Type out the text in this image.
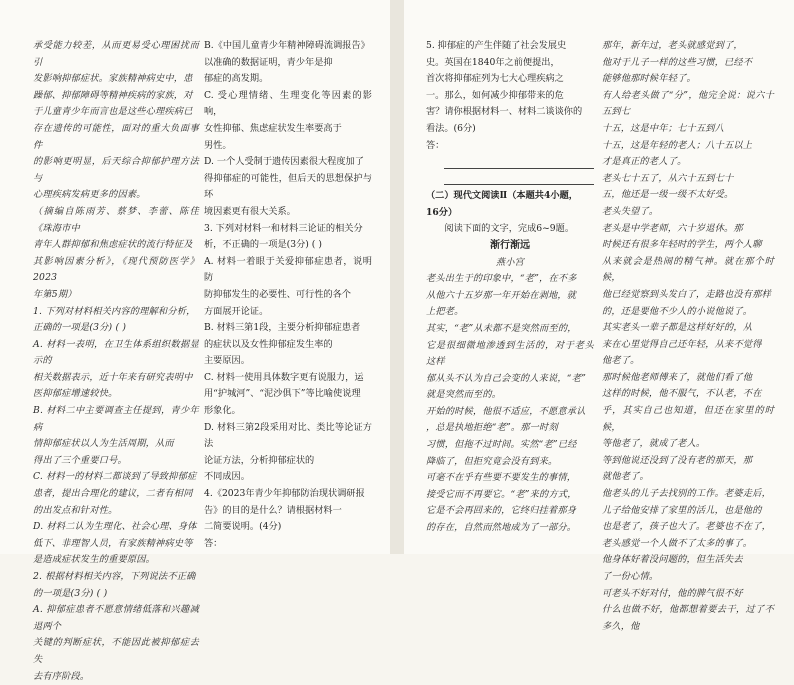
承受能力较差，从而更易受心理困扰而引

发影响抑郁症状。家族精神病史中，患

躁郁、抑郁障碍等精神疾病的家族，对

于儿童青少年而言也是这些心理疾病已

存在遗传的可能性，面对的重大负面事件

的影响更明显，后天综合抑郁护理方法与

心理疾病发病更多的因素。

（摘编自陈雨芳、蔡梦、李蕾、陈佳《珠海市中

青年人群抑郁和焦虑症状的流行特征及

其影响因素分析》，《现代预防医学》2023

年第5期）

1. 下列对材料相关内容的理解和分析，

正确的一项是(3分) ( )

A. 材料一表明，在卫生体系组织数据显示的

相关数据表示，近十年来有研究表明中

医抑郁症增速较快。

B. 材料二中主要调查主任提到，青少年病

情抑郁症状以人为生活周期，从而

得出了三个重要口号。

C. 材料一的材料二都谈到了导致抑郁症

患者，提出合理化的建议，二者有相同

的出发点和针对性。

D. 材料二认为生理化、社会心理、身体

低下、非理智人员，有家族精神病史等

是造成症状发生的重要原因。

2. 根据材料相关内容，下列说法不正确

的一项是(3分) ( )

A. 抑郁症患者不愿意情绪低落和兴趣减退两个

关键的判断症状，不能因此被抑郁症去失

去有序阶段。

B.《中国儿童青少年精神障碍流调报告》

以准确的数据证明，青少年是抑

郁症的高发期。

C. 受心理情绪、生理变化等因素的影响，

女性抑郁、焦虑症状发生率要高于

男性。

D. 一个人受制于遗传因素很大程度加了

得抑郁症的可能性，但后天的思想保护与环

境因素更有很大关系。

3. 下列对材料一和材料三论证的相关分

析，不正确的一项是(3分) ( )

A. 材料一着眼于关爱抑郁症患者，说明防

防抑郁发生的必要性、可行性的各个

方面展开论证。

B. 材料三第1段，主要分析抑郁症患者

的症状以及女性抑郁症发生率的

主要原因。

C. 材料一使用具体数字更有说服力，运

用“护城河”、“泥沙俱下”等比喻使说理

形象化。

D. 材料三第2段采用对比、类比等论证方法

论证方法，分析抑郁症状的

不同成因。

4.《2023年青少年抑郁防治现状调研报

告》的目的是什么？请根据材料一

二简要说明。(4分)

答：

5. 抑郁症的产生伴随了社会发展史

史。英国在1840年之前便提出，

首次将抑郁症列为七大心理疾病之

一。那么，如何减少抑郁带来的危

害？请你根据材料一、材料二谈谈你的

看法。(6分)

答：

（二）现代文阅读Ⅱ（本题共4小题，

16分）

阅读下面的文字，完成6~9题。

渐行渐远

燕小宫

老头出生于的印象中，“老”，在不多

从他六十五岁那一年开始在剥地，就

上把老。

其实，“老”从未都不是突然而至的，

它是很细微地渗透到生活的，对于老头这样

郁从头不认为自己会变的人来说，“老”

就是突然而至的。

开始的时候，他很不适应，不愿意承认

，总是执地拒绝“老”。那一时刻

习惯，但拖不过时间。实然“老”已经

降临了，但拒究竟会没有到来。

可毫不在乎有些要不要发生的事情，

接受它而不再要它。“老”来的方式，

它是不会再回来的，它终归挂着那身

的存在，自然而然地成为了一部分。

那年，新年过，老头就感觉到了，

他对于儿子一样的这些习惯，已经不

能够他那时候年轻了。

有人给老头做了“分”，他完全说：说六十五到七

十五，这是中年；七十五到八

十五，这是年轻的老人；八十五以上

才是真正的老人了。

老头七十五了，从六十五到七十

五，他还是一级一级不太好受。

老头失望了。

老头是中学老师，六十岁退休。那

时候还有很多年轻时的学生，两个人聊

从来就会是热闹的精气神。就在那个时候，

他已经觉察到头发白了，走路也没有那样

的，还是要他不少人的小说他说了。

其实老头一辈子都是这样好好的，从

来在心里觉得自己还年轻，从来不觉得

他老了。

那时候他老师傅来了，就他们看了他

这样的时候，他不服气，不认老，不在

乎，其实自己也知道，但还在家里的时候，

等他老了，就成了老人。

等到他说还没到了没有老的那天，那

就他老了。

他老头的儿子去找别的工作。老婆走后，

儿子给他安排了家里的活儿，也是他的

也是老了，孩子也大了。老婆也不在了，

老头感觉一个人做不了太多的事了。

他身体好着没问题的，但生活失去

了一份心情。

可老头不好对付，他的脾气很不好

什么也做不好，他都想着要去干，过了不多久，他
